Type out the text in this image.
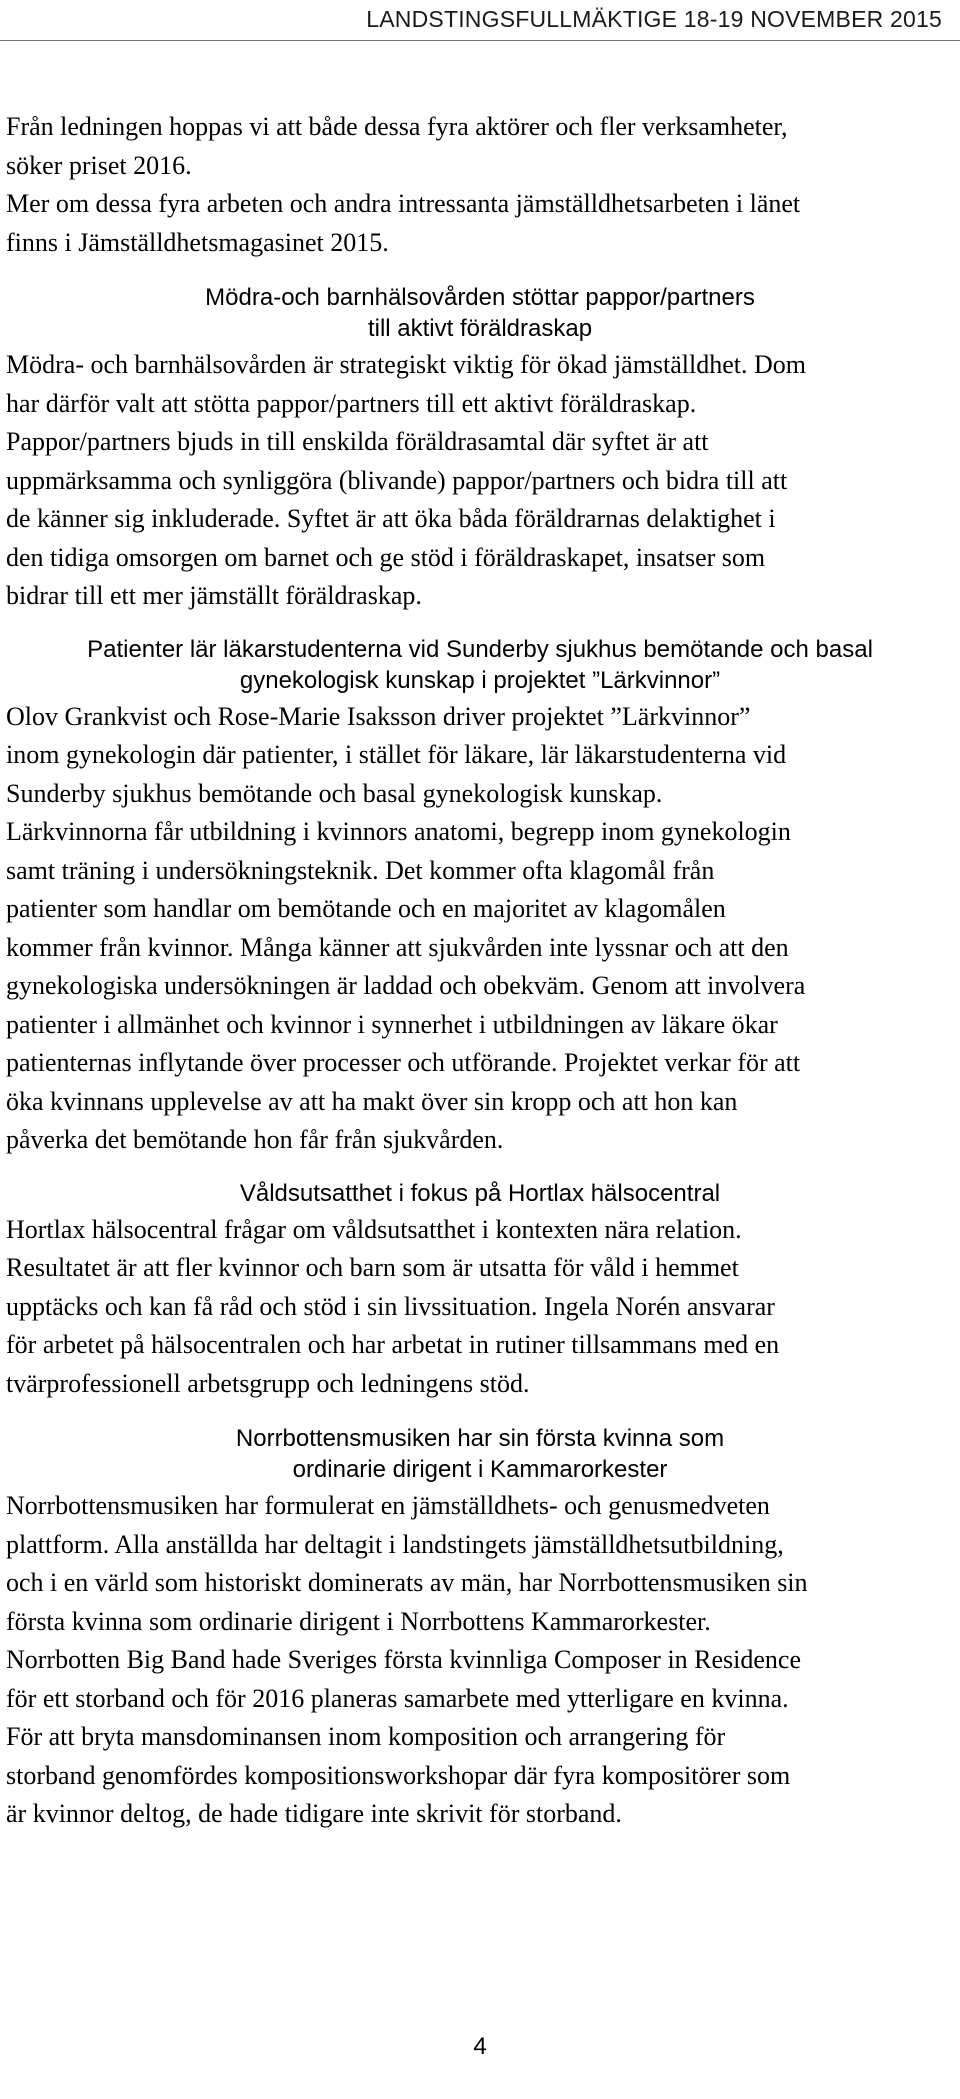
LANDSTINGSFULLMÄKTIGE 18-19 NOVEMBER 2015

Från ledningen hoppas vi att både dessa fyra aktörer och fler verksamheter,
söker priset 2016.
Mer om dessa fyra arbeten och andra intressanta jämställdhetsarbeten i länet
finns i Jämställdhetsmagasinet 2015.

Mödra-och barnhälsovården stöttar pappor/partners
till aktivt föräldraskap

Mödra- och barnhälsovården är strategiskt viktig för ökad jämställdhet. Dom
har därför valt att stötta pappor/partners till ett aktivt föräldraskap.
Pappor/partners bjuds in till enskilda föräldrasamtal där syftet är att
uppmärksamma och synliggöra (blivande) pappor/partners och bidra till att
de känner sig inkluderade. Syftet är att öka båda föräldrarnas delaktighet i
den tidiga omsorgen om barnet och ge stöd i föräldraskapet, insatser som
bidrar till ett mer jämställt föräldraskap.

Patienter lär läkarstudenterna vid Sunderby sjukhus bemötande och basal
gynekologisk kunskap i projektet ”Lärkvinnor”

Olov Grankvist och Rose-Marie Isaksson driver projektet ”Lärkvinnor”
inom gynekologin där patienter, i stället för läkare, lär läkarstudenterna vid
Sunderby sjukhus bemötande och basal gynekologisk kunskap.
Lärkvinnorna får utbildning i kvinnors anatomi, begrepp inom gynekologin
samt träning i undersökningsteknik. Det kommer ofta klagomål från
patienter som handlar om bemötande och en majoritet av klagomålen
kommer från kvinnor. Många känner att sjukvården inte lyssnar och att den
gynekologiska undersökningen är laddad och obekväm. Genom att involvera
patienter i allmänhet och kvinnor i synnerhet i utbildningen av läkare ökar
patienternas inflytande över processer och utförande. Projektet verkar för att
öka kvinnans upplevelse av att ha makt över sin kropp och att hon kan
påverka det bemötande hon får från sjukvården.

Våldsutsatthet i fokus på Hortlax hälsocentral

Hortlax hälsocentral frågar om våldsutsatthet i kontexten nära relation.
Resultatet är att fler kvinnor och barn som är utsatta för våld i hemmet
upptäcks och kan få råd och stöd i sin livssituation. Ingela Norén ansvarar
för arbetet på hälsocentralen och har arbetat in rutiner tillsammans med en
tvärprofessionell arbetsgrupp och ledningens stöd.

Norrbottensmusiken har sin första kvinna som
ordinarie dirigent i Kammarorkester

Norrbottensmusiken har formulerat en jämställdhets- och genusmedveten
plattform. Alla anställda har deltagit i landstingets jämställdhetsutbildning,
och i en värld som historiskt dominerats av män, har Norrbottensmusiken sin
första kvinna som ordinarie dirigent i Norrbottens Kammarorkester.
Norrbotten Big Band hade Sveriges första kvinnliga Composer in Residence
för ett storband och för 2016 planeras samarbete med ytterligare en kvinna.
För att bryta mansdominansen inom komposition och arrangering för
storband genomfördes kompositionsworkshopar där fyra kompositörer som
är kvinnor deltog, de hade tidigare inte skrivit för storband.

4
